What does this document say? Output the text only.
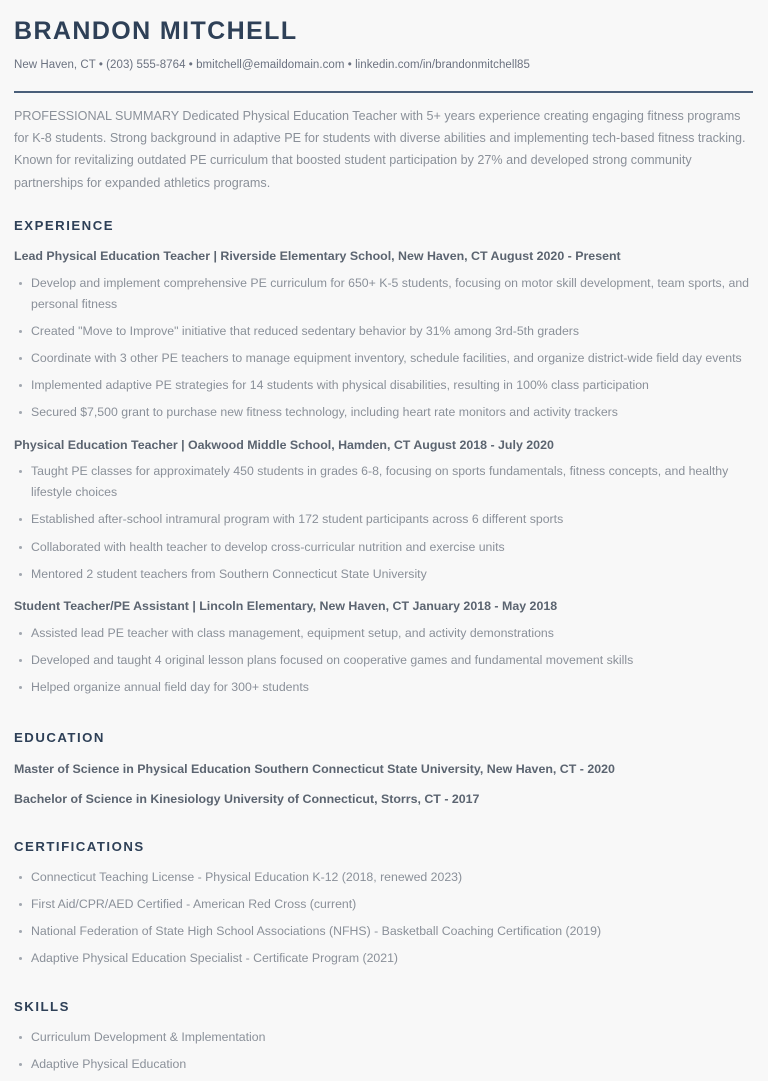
BRANDON MITCHELL

New Haven, CT • (203) 555-8764 • bmitchell@emaildomain.com • linkedin.com/in/brandonmitchell85

PROFESSIONAL SUMMARY Dedicated Physical Education Teacher with 5+ years experience creating engaging fitness programs for K-8 students. Strong background in adaptive PE for students with diverse abilities and implementing tech-based fitness tracking. Known for revitalizing outdated PE curriculum that boosted student participation by 27% and developed strong community partnerships for expanded athletics programs.

EXPERIENCE

Lead Physical Education Teacher | Riverside Elementary School, New Haven, CT August 2020 - Present

Develop and implement comprehensive PE curriculum for 650+ K-5 students, focusing on motor skill development, team sports, and personal fitness
Created "Move to Improve" initiative that reduced sedentary behavior by 31% among 3rd-5th graders
Coordinate with 3 other PE teachers to manage equipment inventory, schedule facilities, and organize district-wide field day events
Implemented adaptive PE strategies for 14 students with physical disabilities, resulting in 100% class participation
Secured $7,500 grant to purchase new fitness technology, including heart rate monitors and activity trackers

Physical Education Teacher | Oakwood Middle School, Hamden, CT August 2018 - July 2020

Taught PE classes for approximately 450 students in grades 6-8, focusing on sports fundamentals, fitness concepts, and healthy lifestyle choices
Established after-school intramural program with 172 student participants across 6 different sports
Collaborated with health teacher to develop cross-curricular nutrition and exercise units
Mentored 2 student teachers from Southern Connecticut State University

Student Teacher/PE Assistant | Lincoln Elementary, New Haven, CT January 2018 - May 2018

Assisted lead PE teacher with class management, equipment setup, and activity demonstrations
Developed and taught 4 original lesson plans focused on cooperative games and fundamental movement skills
Helped organize annual field day for 300+ students
EDUCATION

Master of Science in Physical Education Southern Connecticut State University, New Haven, CT - 2020

Bachelor of Science in Kinesiology University of Connecticut, Storrs, CT - 2017

CERTIFICATIONS
Connecticut Teaching License - Physical Education K-12 (2018, renewed 2023)
First Aid/CPR/AED Certified - American Red Cross (current)
National Federation of State High School Associations (NFHS) - Basketball Coaching Certification (2019)
Adaptive Physical Education Specialist - Certificate Program (2021)
SKILLS
Curriculum Development & Implementation
Adaptive Physical Education
